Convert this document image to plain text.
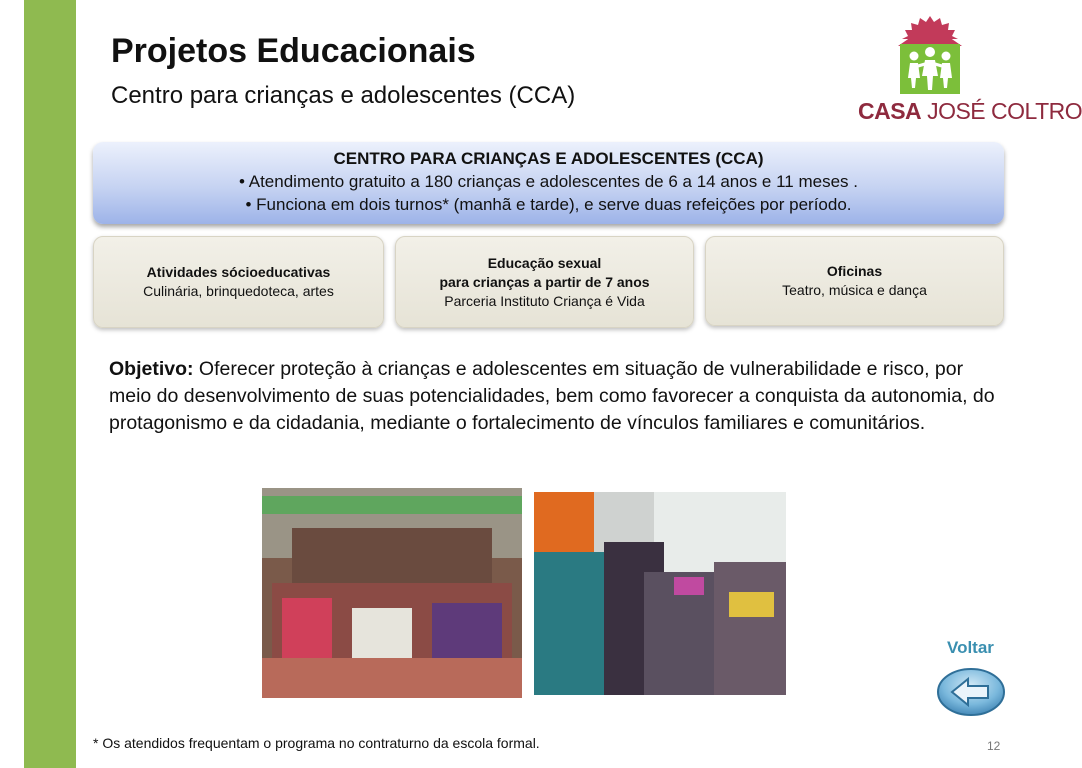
Projetos Educacionais
Centro para crianças e adolescentes (CCA)
CASA JOSÉ COLTRO
CENTRO PARA CRIANÇAS E ADOLESCENTES (CCA)
• Atendimento gratuito a 180 crianças e adolescentes de 6 a 14 anos e 11 meses .
• Funciona em dois turnos* (manhã e tarde), e serve duas refeições por período.
Atividades sócioeducativas
Culinária, brinquedoteca, artes
Educação sexual
para crianças a partir de 7 anos
Parceria Instituto Criança é Vida
Oficinas
Teatro, música e dança
Objetivo: Oferecer proteção à crianças e adolescentes em situação de vulnerabilidade e risco, por meio do desenvolvimento de suas potencialidades, bem como favorecer a conquista da autonomia, do protagonismo e da cidadania, mediante o fortalecimento de vínculos familiares e comunitários.
Voltar
* Os atendidos frequentam o programa no contraturno da escola formal.	12
